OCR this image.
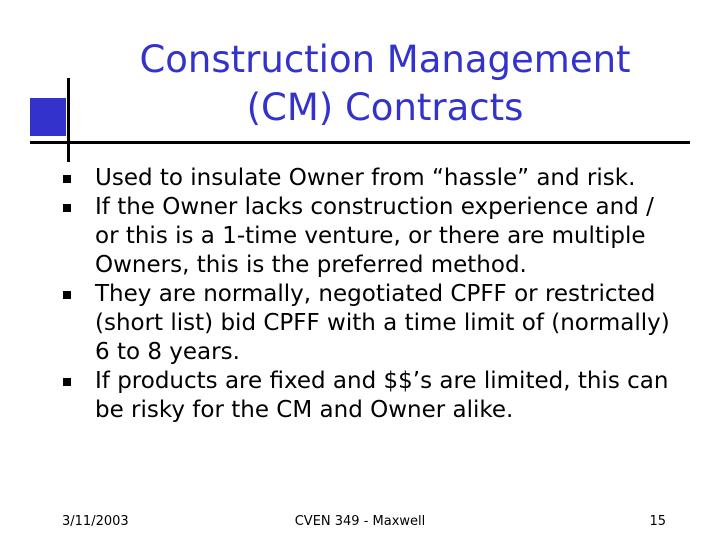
Construction Management
(CM) Contracts
Used to insulate Owner from “hassle” and risk.
If the Owner lacks construction experience and / or this is a 1-time venture, or there are multiple Owners, this is the preferred method.
They are normally, negotiated CPFF or restricted (short list) bid CPFF with a time limit of (normally) 6 to 8 years.
If products are fixed and $$’s are limited, this can be risky for the CM and Owner alike.
3/11/2003	CVEN 349 - Maxwell	15
